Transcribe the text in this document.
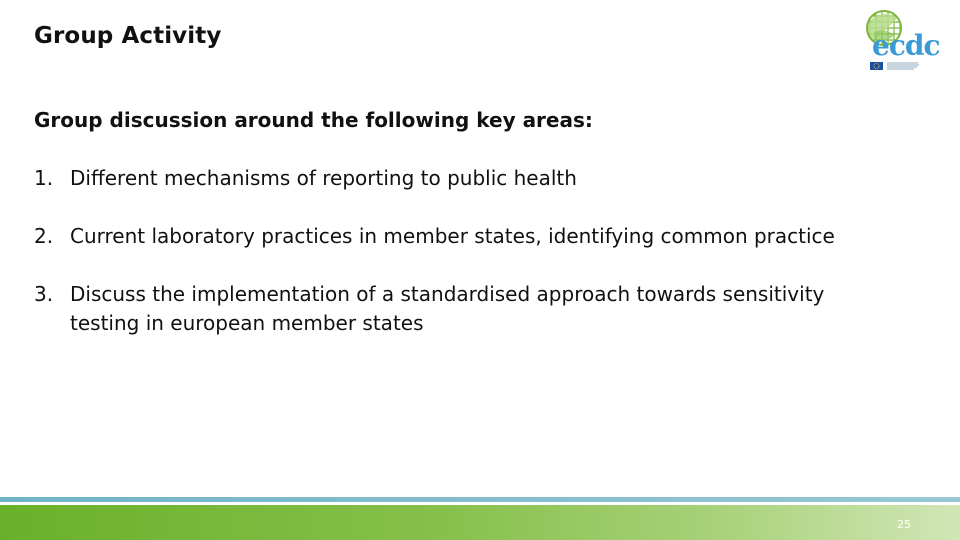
Group Activity	ecdc
Group discussion around the following key areas:
1. Different mechanisms of reporting to public health
2. Current laboratory practices in member states, identifying common practice
3. Discuss the implementation of a standardised approach towards sensitivity testing in european member states
25
